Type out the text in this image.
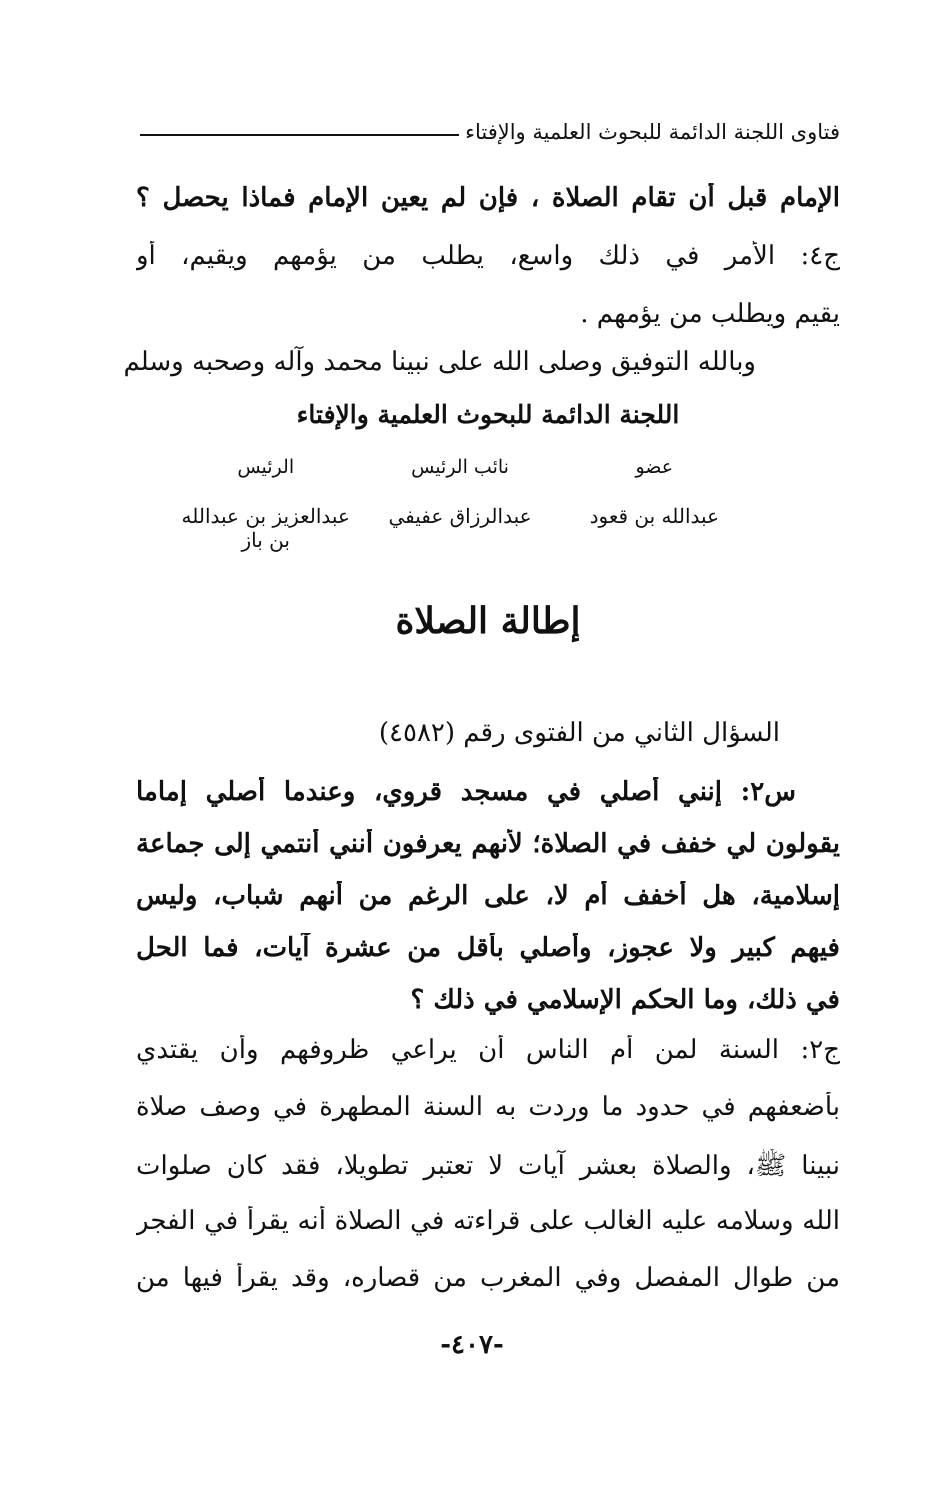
فتاوى اللجنة الدائمة للبحوث العلمية والإفتاء
الإمام قبل أن تقام الصلاة ، فإن لم يعين الإمام فماذا يحصل ؟
ج٤: الأمر في ذلك واسع، يطلب من يؤمهم ويقيم، أو
يقيم ويطلب من يؤمهم .
وبالله التوفيق وصلى الله على نبينا محمد وآله وصحبه وسلم
اللجنة الدائمة للبحوث العلمية والإفتاء
عضو
نائب الرئيس
الرئيس
عبدالله بن قعود
عبدالرزاق عفيفي
عبدالعزيز بن عبدالله بن باز
إطالة الصلاة
السؤال الثاني من الفتوى رقم (٤٥٨٢)
س٢: إنني أصلي في مسجد قروي، وعندما أصلي إماما
يقولون لي خفف في الصلاة؛ لأنهم يعرفون أنني أنتمي إلى جماعة
إسلامية، هل أخفف أم لا، على الرغم من أنهم شباب، وليس
فيهم كبير ولا عجوز، وأصلي بأقل من عشرة آيات، فما الحل
في ذلك، وما الحكم الإسلامي في ذلك ؟
ج٢: السنة لمن أم الناس أن يراعي ظروفهم وأن يقتدي
بأضعفهم في حدود ما وردت به السنة المطهرة في وصف صلاة
نبينا ﷺ، والصلاة بعشر آيات لا تعتبر تطويلا، فقد كان صلوات
الله وسلامه عليه الغالب على قراءته في الصلاة أنه يقرأ في الفجر
من طوال المفصل وفي المغرب من قصاره، وقد يقرأ فيها من
-٤٠٧-
